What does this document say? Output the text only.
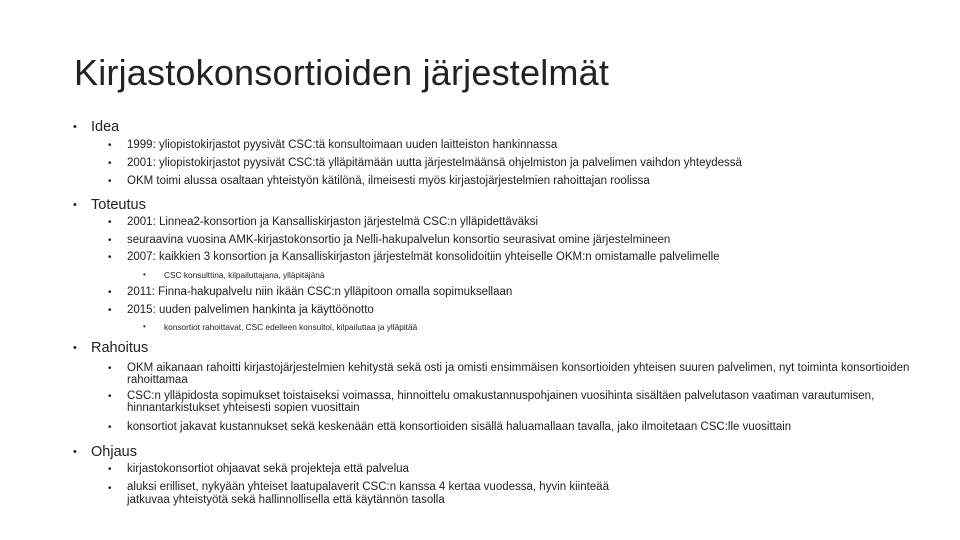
Kirjastokonsortioiden järjestelmät
• Idea
• 1999: yliopistokirjastot pyysivät CSC:tä konsultoimaan uuden laitteiston hankinnassa
• 2001: yliopistokirjastot pyysivät CSC:tä ylläpitämään uutta järjestelmäänsä ohjelmiston ja palvelimen vaihdon yhteydessä
• OKM toimi alussa osaltaan yhteistyön kätilönä, ilmeisesti myös kirjastojärjestelmien rahoittajan roolissa
• Toteutus
• 2001: Linnea2-konsortion ja Kansalliskirjaston järjestelmä CSC:n ylläpidettäväksi
• seuraavina vuosina AMK-kirjastokonsortio ja Nelli-hakupalvelun konsortio seurasivat omine järjestelmineen
• 2007: kaikkien 3 konsortion ja Kansalliskirjaston järjestelmät konsolidoitiin yhteiselle OKM:n omistamalle palvelimelle
• CSC konsulttina, kilpailuttajana, ylläpitäjänä
• 2011: Finna-hakupalvelu niin ikään CSC:n ylläpitoon omalla sopimuksellaan
• 2015: uuden palvelimen hankinta ja käyttöönotto
• konsortiot rahoittavat, CSC edelleen konsultoi, kilpailuttaa ja ylläpitää
• Rahoitus
• OKM aikanaan rahoitti kirjastojärjestelmien kehitystä sekä osti ja omisti ensimmäisen konsortioiden yhteisen suuren palvelimen, nyt toiminta konsortioiden rahoittamaa
• CSC:n ylläpidosta sopimukset toistaiseksi voimassa, hinnoittelu omakustannuspohjainen vuosihinta sisältäen palvelutason vaatiman varautumisen, hinnantarkistukset yhteisesti sopien vuosittain
• konsortiot jakavat kustannukset sekä keskenään että konsortioiden sisällä haluamallaan tavalla, jako ilmoitetaan CSC:lle vuosittain
• Ohjaus
• kirjastokonsortiot ohjaavat sekä projekteja että palvelua
• aluksi erilliset, nykyään yhteiset laatupalaverit CSC:n kanssa 4 kertaa vuodessa, hyvin kiinteää jatkuvaa yhteistyötä sekä hallinnollisella että käytännön tasolla
